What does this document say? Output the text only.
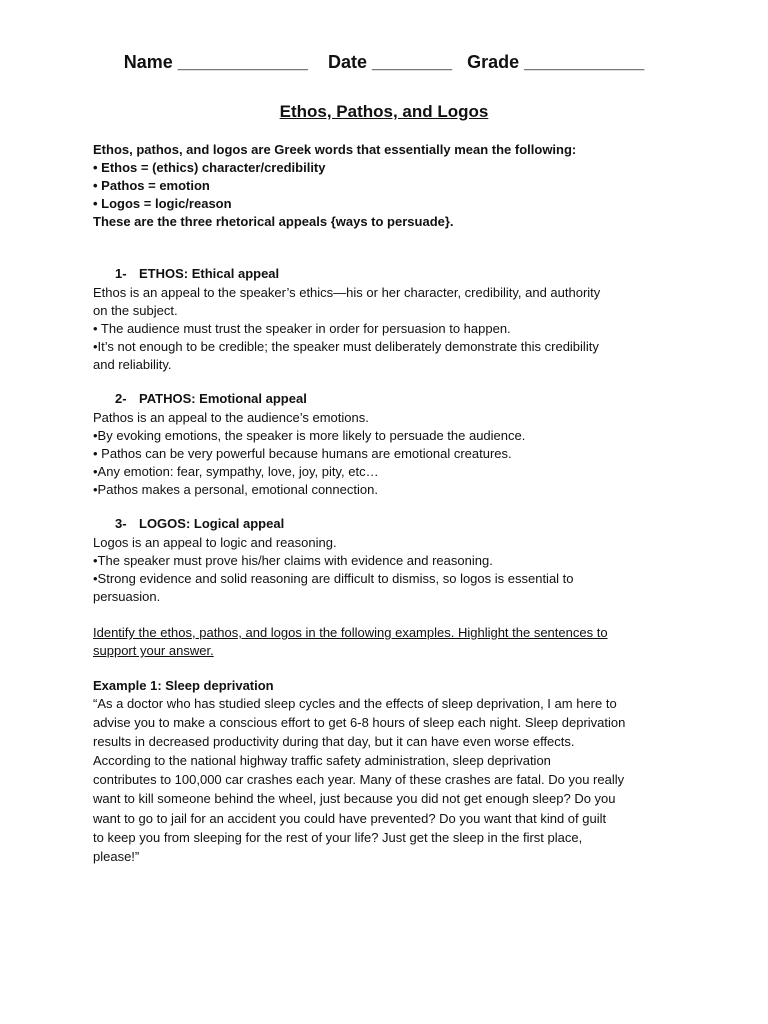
Name _____________ Date ________ Grade ____________
Ethos, Pathos, and Logos
Ethos, pathos, and logos are Greek words that essentially mean the following:
• Ethos = (ethics) character/credibility
• Pathos = emotion
• Logos = logic/reason
These are the three rhetorical appeals {ways to persuade}.
1- ETHOS: Ethical appeal
Ethos is an appeal to the speaker’s ethics—his or her character, credibility, and authority
on the subject.
• The audience must trust the speaker in order for persuasion to happen.
•It’s not enough to be credible; the speaker must deliberately demonstrate this credibility
and reliability.
2- PATHOS: Emotional appeal
Pathos is an appeal to the audience’s emotions.
•By evoking emotions, the speaker is more likely to persuade the audience.
• Pathos can be very powerful because humans are emotional creatures.
•Any emotion: fear, sympathy, love, joy, pity, etc…
•Pathos makes a personal, emotional connection.
3- LOGOS: Logical appeal
Logos is an appeal to logic and reasoning.
•The speaker must prove his/her claims with evidence and reasoning.
•Strong evidence and solid reasoning are difficult to dismiss, so logos is essential to
persuasion.
Identify the ethos, pathos, and logos in the following examples. Highlight the sentences to
support your answer.
Example 1: Sleep deprivation
“As a doctor who has studied sleep cycles and the effects of sleep deprivation, I am here to
advise you to make a conscious effort to get 6-8 hours of sleep each night. Sleep deprivation
results in decreased productivity during that day, but it can have even worse effects.
According to the national highway traffic safety administration, sleep deprivation
contributes to 100,000 car crashes each year. Many of these crashes are fatal. Do you really
want to kill someone behind the wheel, just because you did not get enough sleep? Do you
want to go to jail for an accident you could have prevented? Do you want that kind of guilt
to keep you from sleeping for the rest of your life? Just get the sleep in the first place,
please!”
